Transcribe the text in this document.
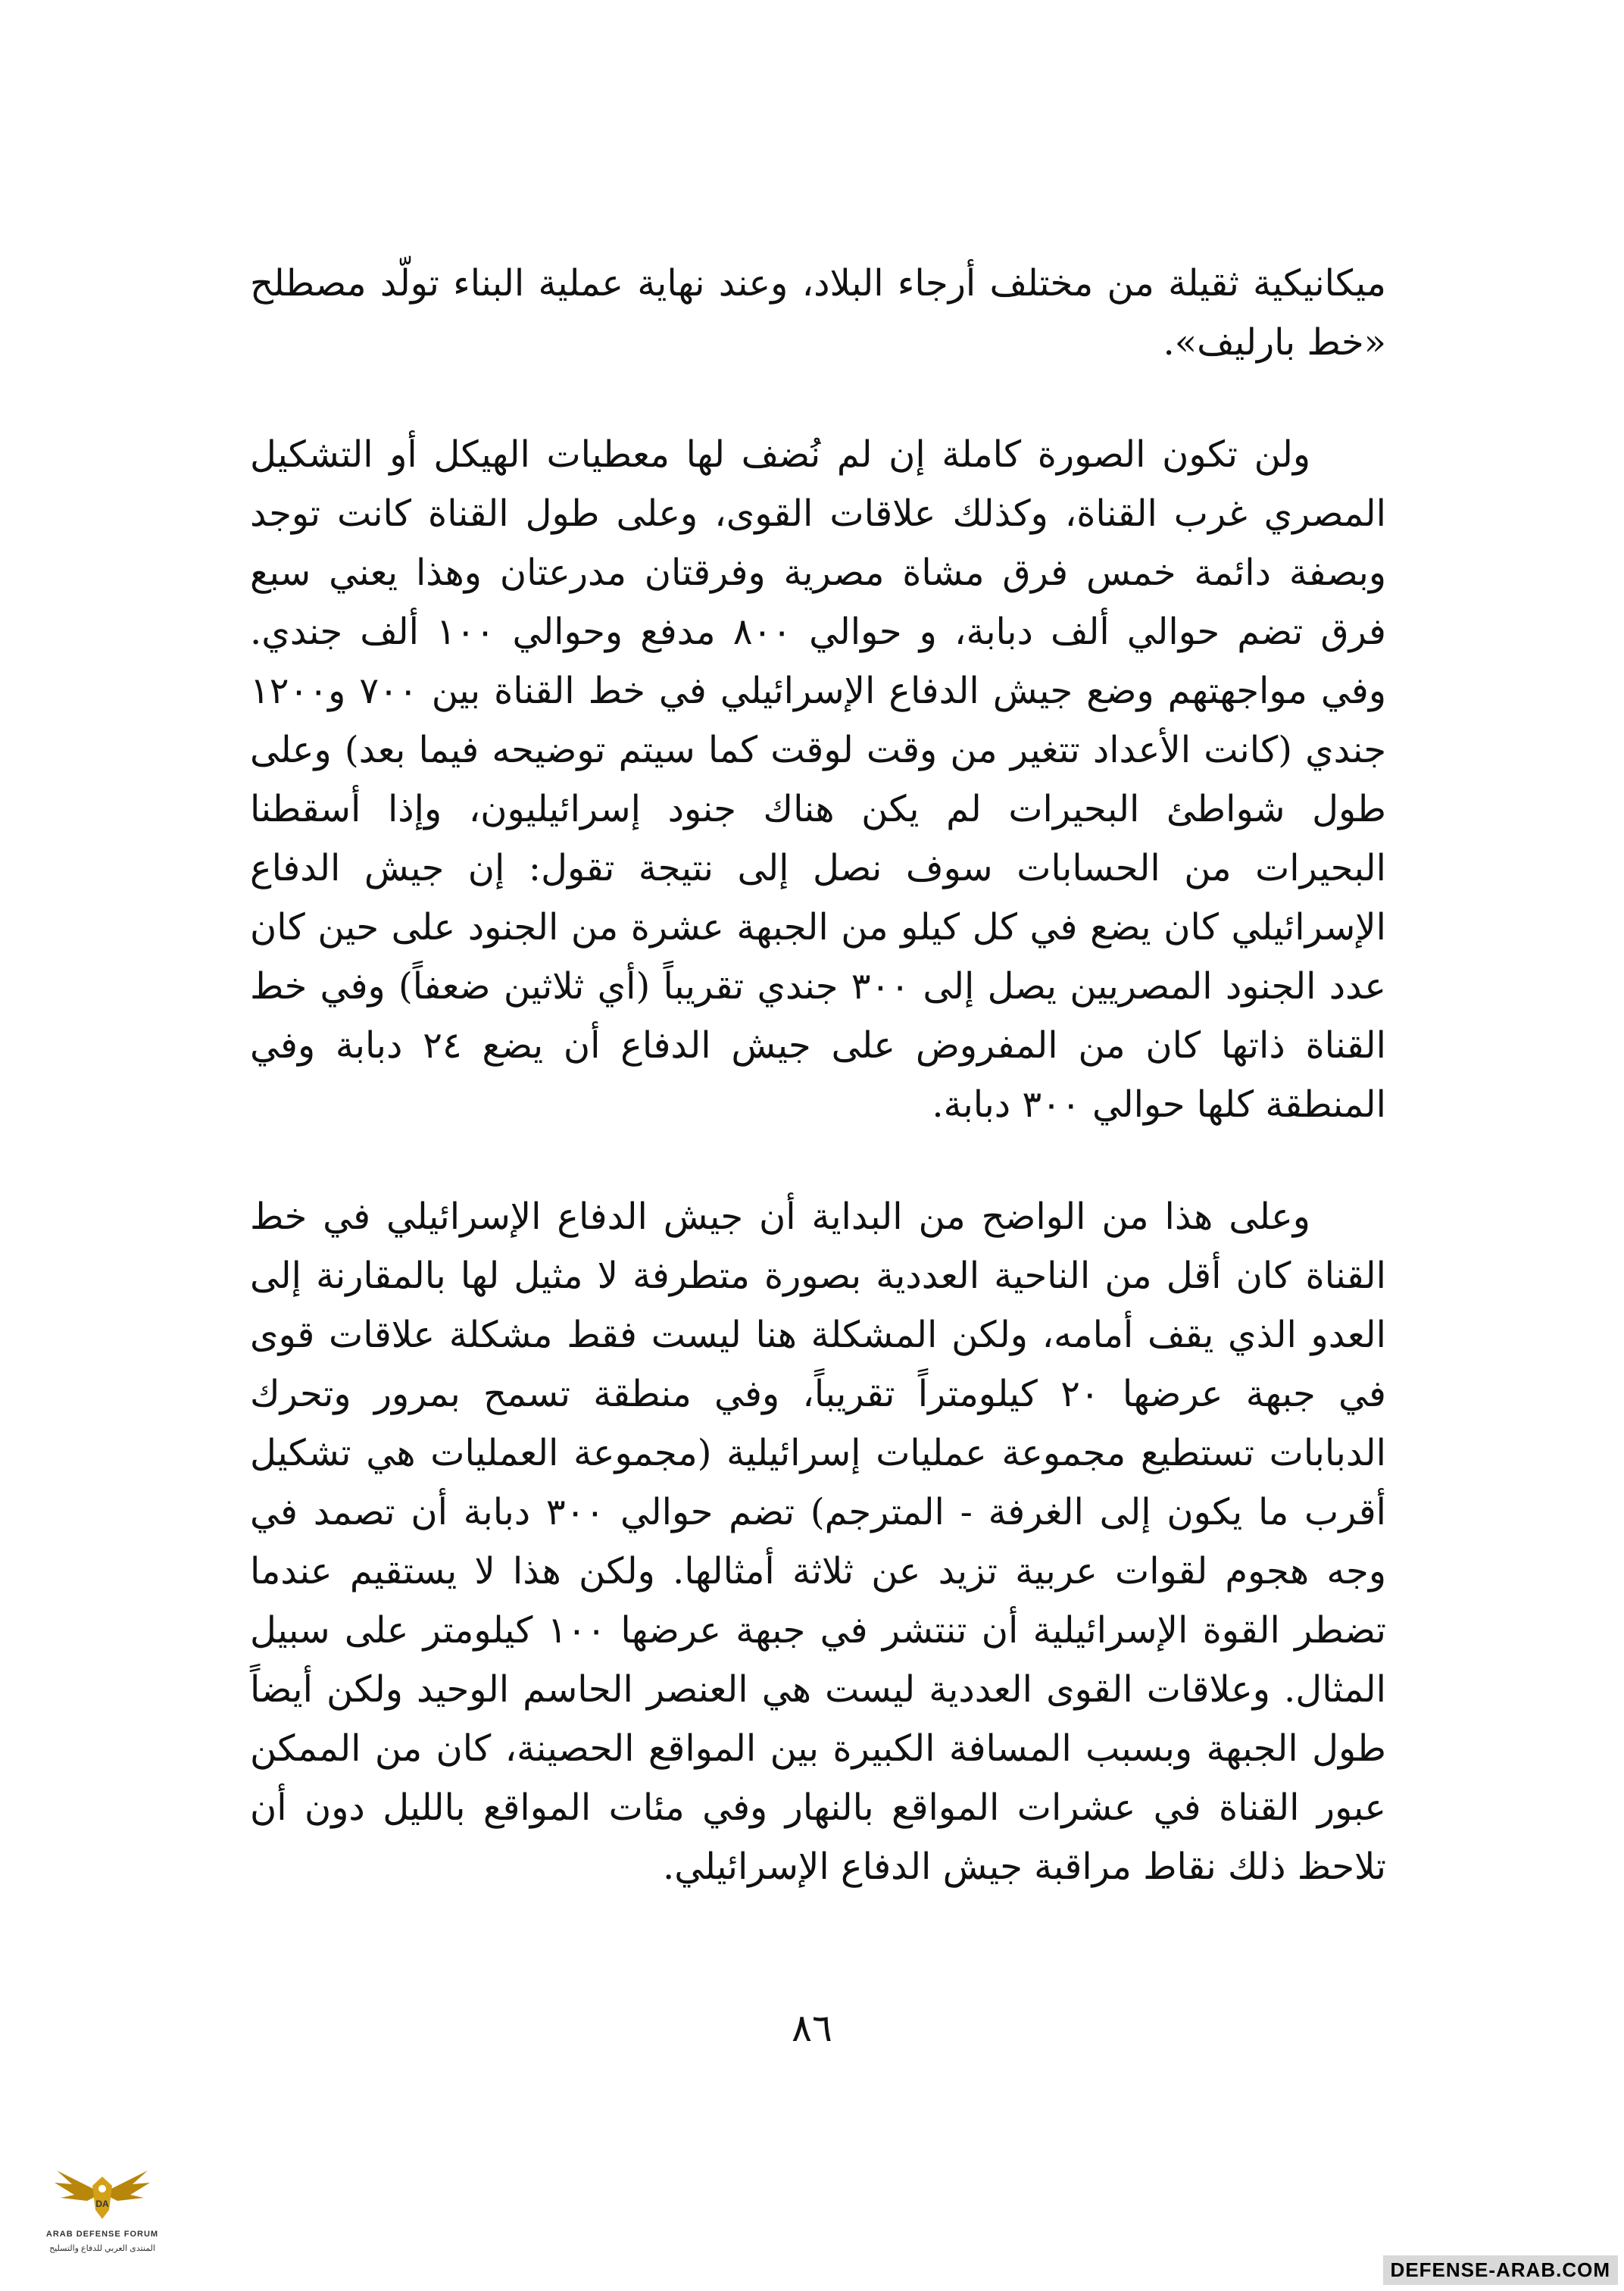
ميكانيكية ثقيلة من مختلف أرجاء البلاد، وعند نهاية عملية البناء تولّد مصطلح «خط بارليف».

ولن تكون الصورة كاملة إن لم نُضف لها معطيات الهيكل أو التشكيل المصري غرب القناة، وكذلك علاقات القوى، وعلى طول القناة كانت توجد وبصفة دائمة خمس فرق مشاة مصرية وفرقتان مدرعتان وهذا يعني سبع فرق تضم حوالي ألف دبابة، و حوالي ٨٠٠ مدفع وحوالي ١٠٠ ألف جندي. وفي مواجهتهم وضع جيش الدفاع الإسرائيلي في خط القناة بين ٧٠٠ و١٢٠٠ جندي (كانت الأعداد تتغير من وقت لوقت كما سيتم توضيحه فيما بعد) وعلى طول شواطئ البحيرات لم يكن هناك جنود إسرائيليون، وإذا أسقطنا البحيرات من الحسابات سوف نصل إلى نتيجة تقول: إن جيش الدفاع الإسرائيلي كان يضع في كل كيلو من الجبهة عشرة من الجنود على حين كان عدد الجنود المصريين يصل إلى ٣٠٠ جندي تقريباً (أي ثلاثين ضعفاً) وفي خط القناة ذاتها كان من المفروض على جيش الدفاع أن يضع ٢٤ دبابة وفي المنطقة كلها حوالي ٣٠٠ دبابة.

وعلى هذا من الواضح من البداية أن جيش الدفاع الإسرائيلي في خط القناة كان أقل من الناحية العددية بصورة متطرفة لا مثيل لها بالمقارنة إلى العدو الذي يقف أمامه، ولكن المشكلة هنا ليست فقط مشكلة علاقات قوى في جبهة عرضها ٢٠ كيلومتراً تقريباً، وفي منطقة تسمح بمرور وتحرك الدبابات تستطيع مجموعة عمليات إسرائيلية (مجموعة العمليات هي تشكيل أقرب ما يكون إلى الغرفة - المترجم) تضم حوالي ٣٠٠ دبابة أن تصمد في وجه هجوم لقوات عربية تزيد عن ثلاثة أمثالها. ولكن هذا لا يستقيم عندما تضطر القوة الإسرائيلية أن تنتشر في جبهة عرضها ١٠٠ كيلومتر على سبيل المثال. وعلاقات القوى العددية ليست هي العنصر الحاسم الوحيد ولكن أيضاً طول الجبهة وبسبب المسافة الكبيرة بين المواقع الحصينة، كان من الممكن عبور القناة في عشرات المواقع بالنهار وفي مئات المواقع بالليل دون أن تلاحظ ذلك نقاط مراقبة جيش الدفاع الإسرائيلي.

٨٦
DA
ARAB DEFENSE FORUM
المنتدى العربي للدفاع والتسليح
DEFENSE-ARAB.COM
